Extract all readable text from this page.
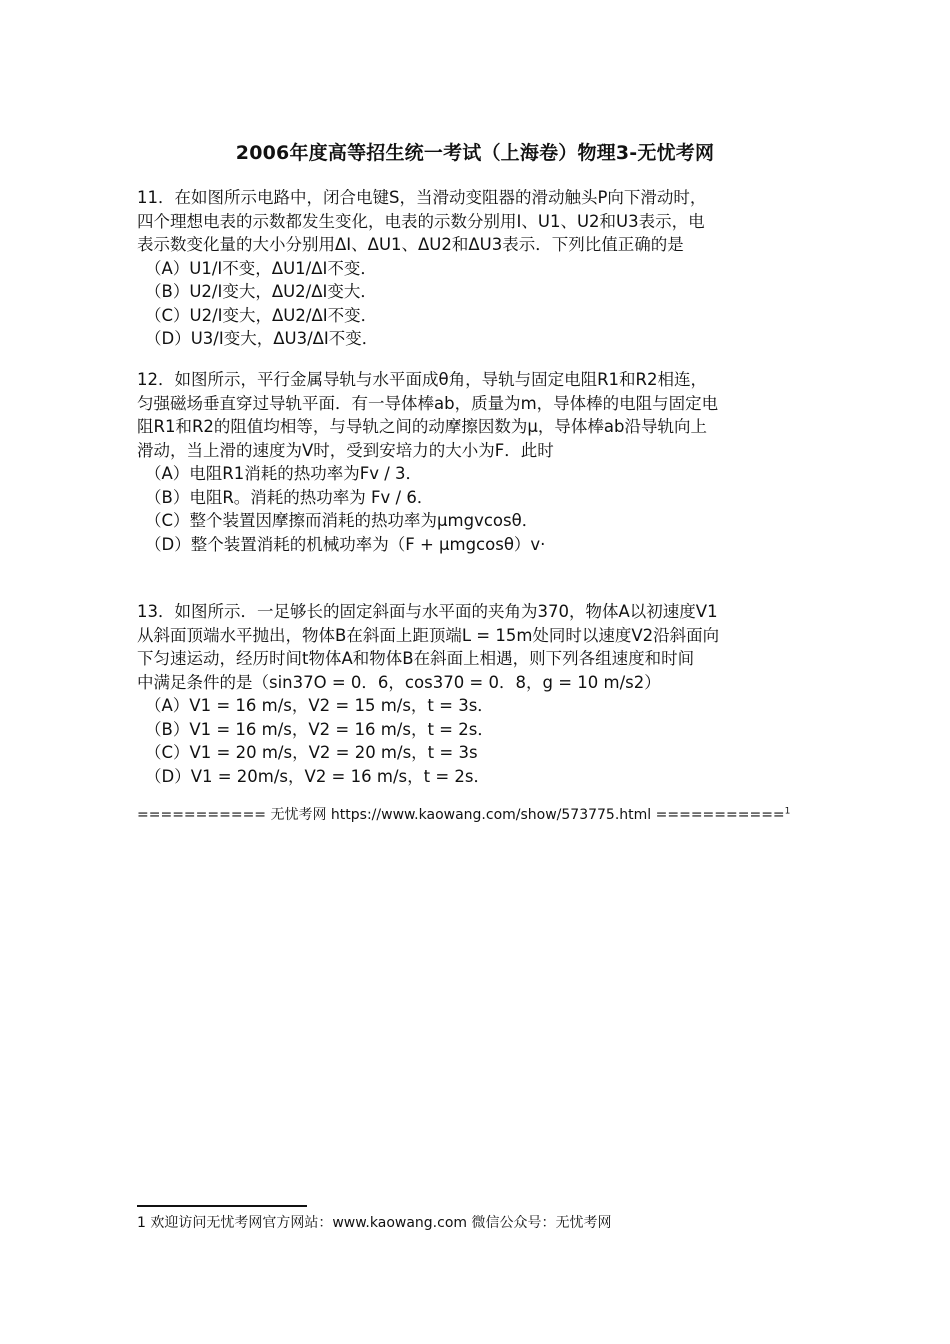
2006年度高等招生统一考试（上海卷）物理3-无忧考网

11．在如图所示电路中，闭合电键S，当滑动变阻器的滑动触头P向下滑动时，

四个理想电表的示数都发生变化，电表的示数分别用I、U1、U2和U3表示，电

表示数变化量的大小分别用ΔI、ΔU1、ΔU2和ΔU3表示．下列比值正确的是

（A）U1/I不变，ΔU1/ΔI不变．

（B）U2/I变大，ΔU2/ΔI变大．

（C）U2/I变大，ΔU2/ΔI不变．

（D）U3/I变大，ΔU3/ΔI不变．

12．如图所示，平行金属导轨与水平面成θ角，导轨与固定电阻R1和R2相连，

匀强磁场垂直穿过导轨平面．有一导体棒ab，质量为m，导体棒的电阻与固定电

阻R1和R2的阻值均相等，与导轨之间的动摩擦因数为μ，导体棒ab沿导轨向上

滑动，当上滑的速度为V时，受到安培力的大小为F．此时

（A）电阻R1消耗的热功率为Fv / 3．

（B）电阻R。消耗的热功率为 Fv / 6．

（C）整个装置因摩擦而消耗的热功率为μmgvcosθ．

（D）整个装置消耗的机械功率为（F + μmgcosθ）v·

13．如图所示．一足够长的固定斜面与水平面的夹角为370，物体A以初速度V1

从斜面顶端水平抛出，物体B在斜面上距顶端L = 15m处同时以速度V2沿斜面向

下匀速运动，经历时间t物体A和物体B在斜面上相遇，则下列各组速度和时间

中满足条件的是（sin37O = 0．6，cos370 = 0．8，g = 10 m/s2）

（A）V1 = 16 m/s，V2 = 15 m/s，t = 3s．

（B）V1 = 16 m/s，V2 = 16 m/s，t = 2s．

（C）V1 = 20 m/s，V2 = 20 m/s，t = 3s

（D）V1 = 20m/s，V2 = 16 m/s，t = 2s．

=========== 无忧考网 https://www.kaowang.com/show/573775.html ===========$^1$
1 欢迎访问无忧考网官方网站：www.kaowang.com 微信公众号：无忧考网
